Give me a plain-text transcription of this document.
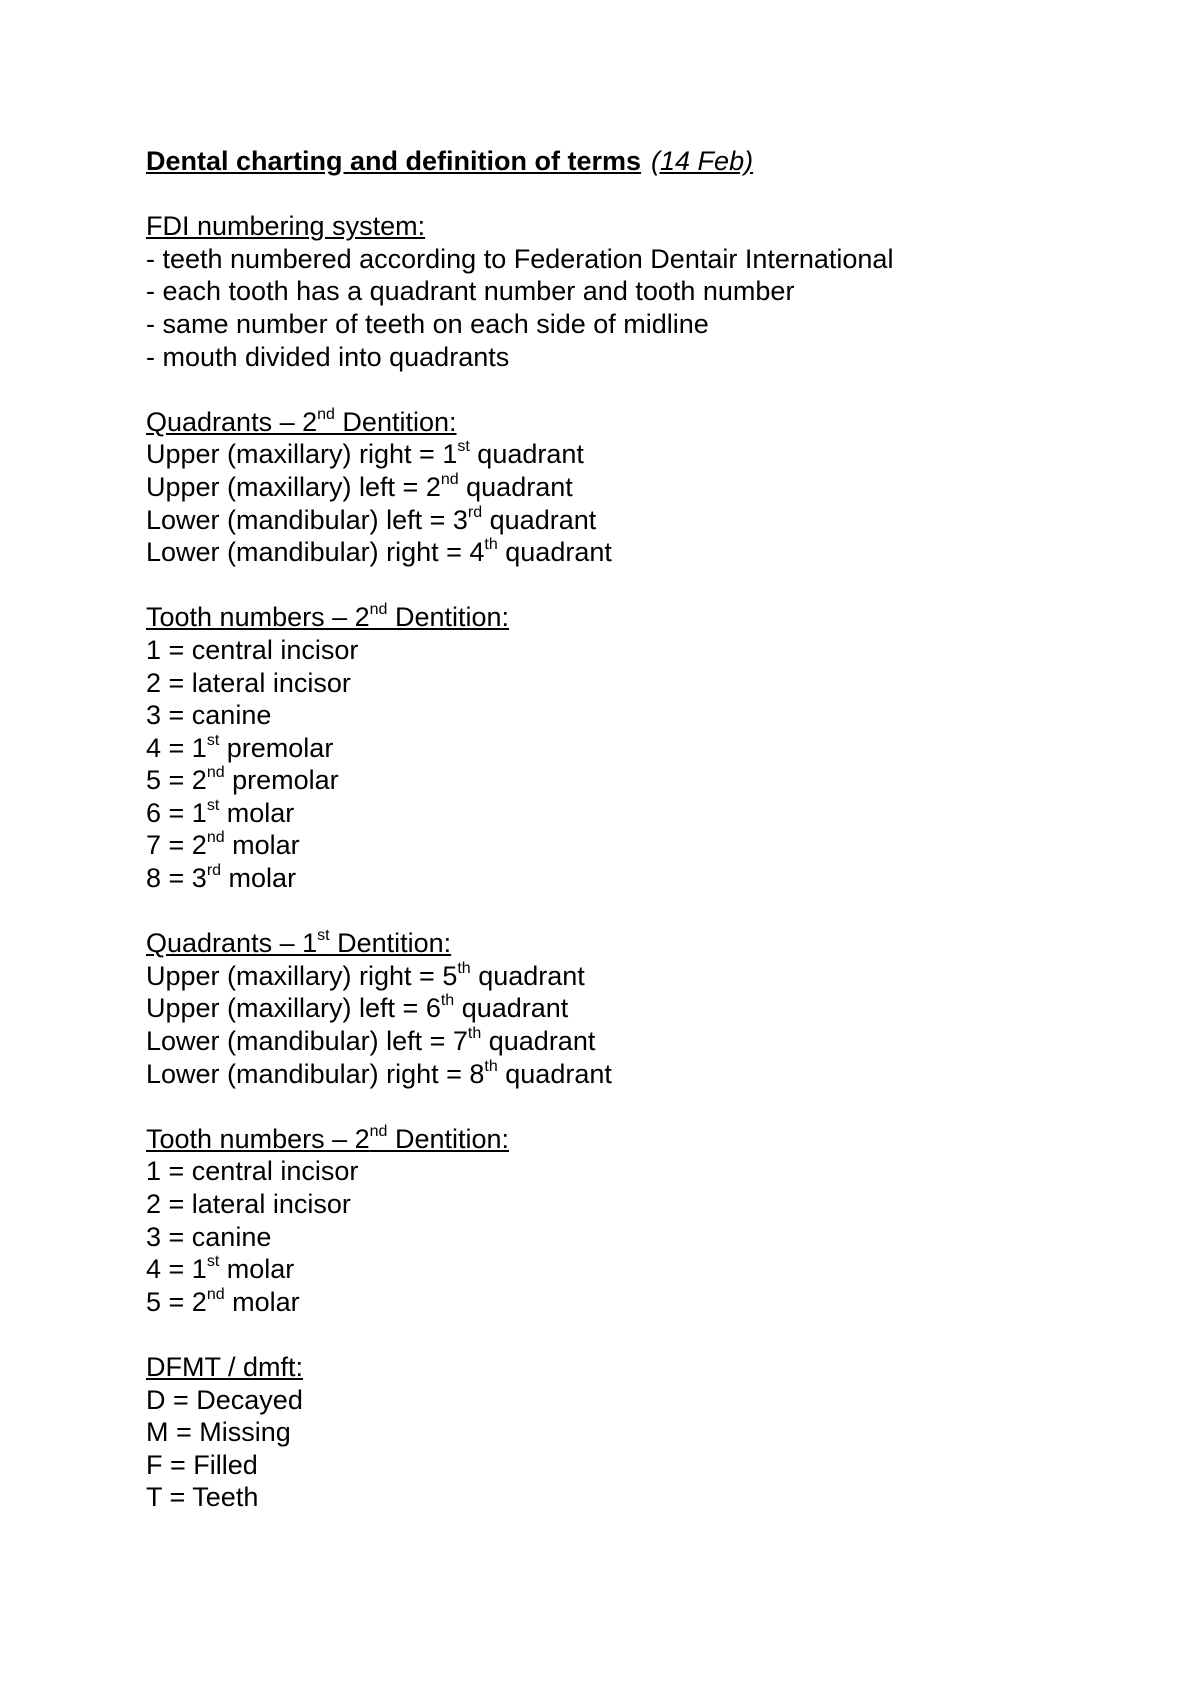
Dental charting and definition of terms (14 Feb)
FDI numbering system:
- teeth numbered according to Federation Dentair International
- each tooth has a quadrant number and tooth number
- same number of teeth on each side of midline
- mouth divided into quadrants
Quadrants – 2nd Dentition:
Upper (maxillary) right = 1st quadrant
Upper (maxillary) left = 2nd quadrant
Lower (mandibular) left = 3rd quadrant
Lower (mandibular) right = 4th quadrant
Tooth numbers – 2nd Dentition:
1 = central incisor
2 = lateral incisor
3 = canine
4 = 1st premolar
5 = 2nd premolar
6 = 1st molar
7 = 2nd molar
8 = 3rd molar
Quadrants – 1st Dentition:
Upper (maxillary) right = 5th quadrant
Upper (maxillary) left = 6th quadrant
Lower (mandibular) left = 7th quadrant
Lower (mandibular) right = 8th quadrant
Tooth numbers – 2nd Dentition:
1 = central incisor
2 = lateral incisor
3 = canine
4 = 1st molar
5 = 2nd molar
DFMT / dmft:
D = Decayed
M = Missing
F = Filled
T = Teeth
